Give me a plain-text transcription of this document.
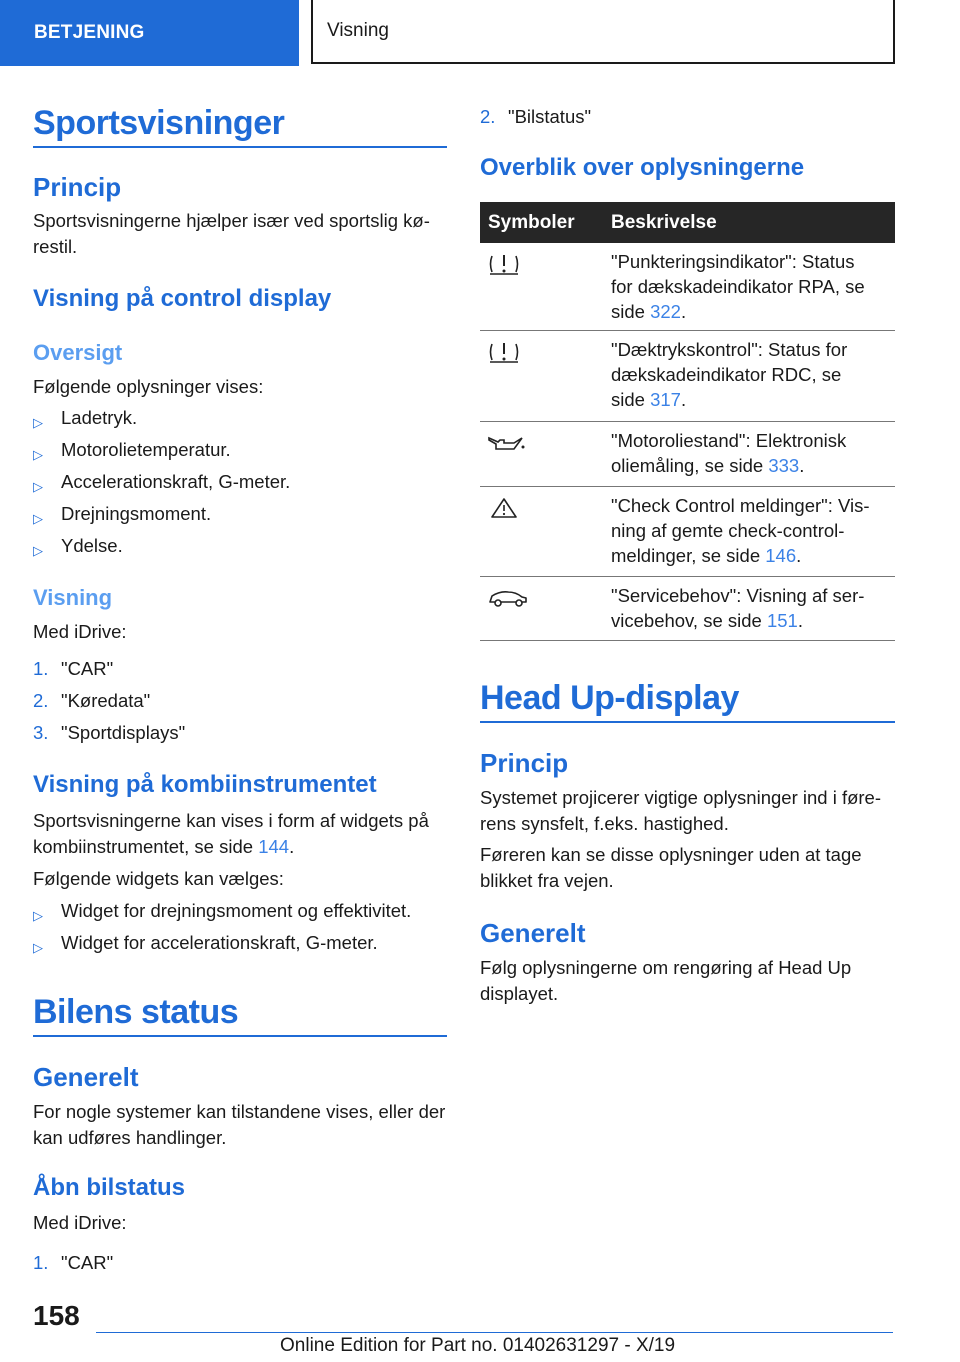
BETJENING	Visning
Sportsvisninger
Princip
Sportsvisningerne hjælper især ved sportslig kørestil.
Visning på control display
Oversigt
Følgende oplysninger vises:
▷ Ladetryk.
▷ Motorolietemperatur.
▷ Accelerationskraft, G-meter.
▷ Drejningsmoment.
▷ Ydelse.
Visning
Med iDrive:
1. "CAR"
2. "Køredata"
3. "Sportdisplays"
Visning på kombiinstrumentet
Sportsvisningerne kan vises i form af widgets på kombiinstrumentet, se side 144.
Følgende widgets kan vælges:
▷ Widget for drejningsmoment og effektivitet.
▷ Widget for accelerationskraft, G-meter.
Bilens status
Generelt
For nogle systemer kan tilstandene vises, eller der kan udføres handlinger.
Åbn bilstatus
Med iDrive:
1. "CAR"
2. "Bilstatus"
Overblik over oplysningerne
Symboler Beskrivelse
"Punkteringsindikator": Status
for dækskadeindikator RPA, se
side 322.
"Dæktrykskontrol": Status for
dækskadeindikator RDC, se
side 317.
"Motoroliestand": Elektronisk
oliemåling, se side 333.
"Check Control meldinger": Vis-
ning af gemte check-control-
meldinger, se side 146.
"Servicebehov": Visning af ser-
vicebehov, se side 151.
Head Up-display
Princip
Systemet projicerer vigtige oplysninger ind i førerens synsfelt, f.eks. hastighed.
Føreren kan se disse oplysninger uden at tage blikket fra vejen.
Generelt
Følg oplysningerne om rengøring af Head Up displayet.
158
Online Edition for Part no. 01402631297 - X/19
